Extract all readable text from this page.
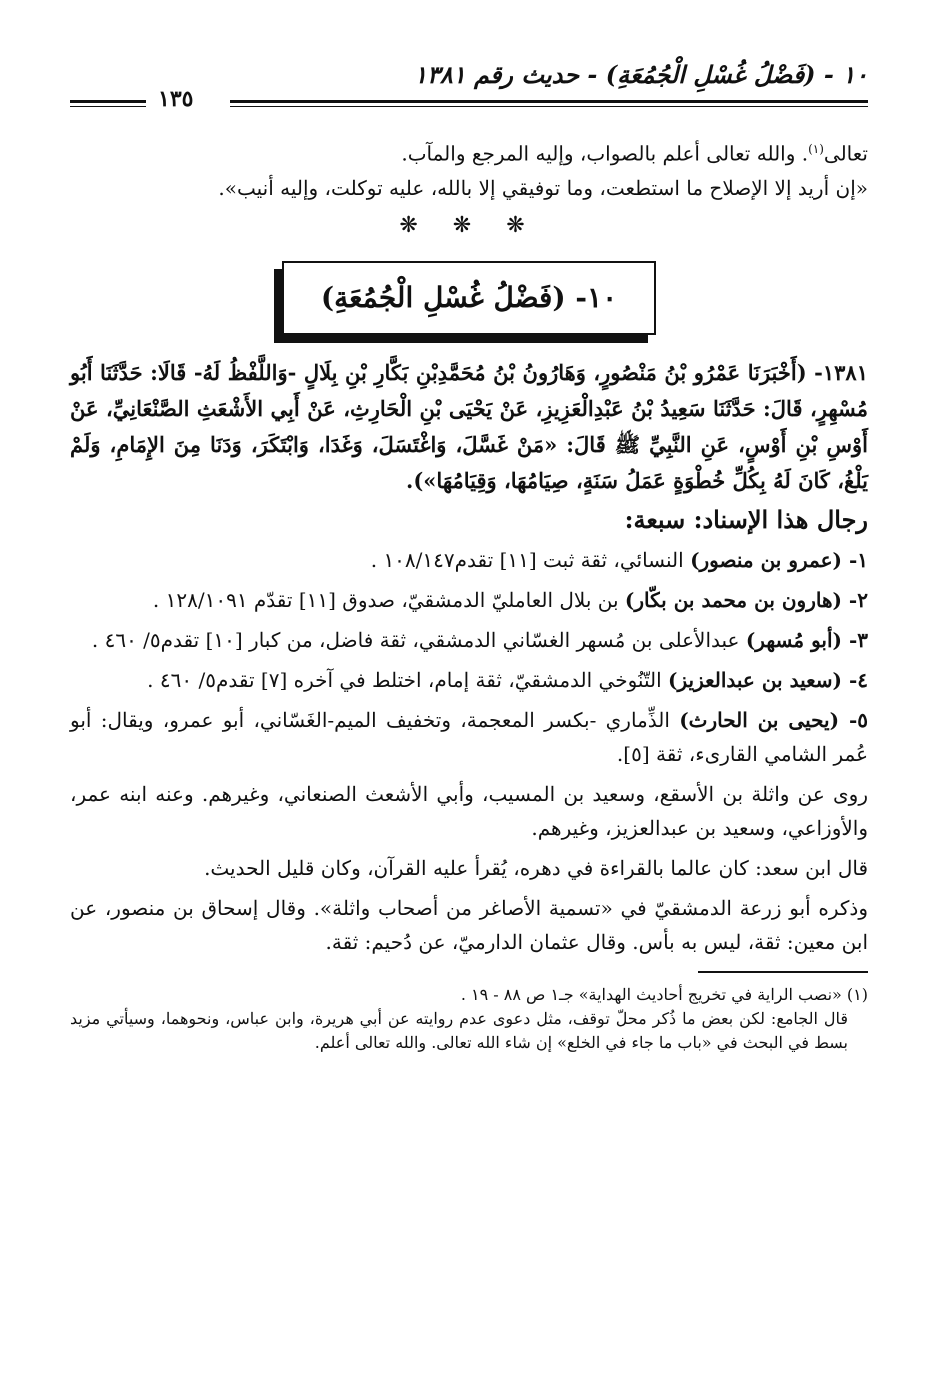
١٠ - (فَضْلُ غُسْلِ الْجُمُعَةِ) - حديث رقم ١٣٨١
١٣٥

تعالى$^{(١)}$. والله تعالى أعلم بالصواب، وإليه المرجع والمآب.

«إن أريد إلا الإصلاح ما استطعت، وما توفيقي إلا بالله، عليه توكلت، وإليه أنيب».

❋ ❋ ❋
١٠- (فَضْلُ غُسْلِ الْجُمُعَةِ)

١٣٨١- (أَخْبَرَنَا عَمْرُو بْنُ مَنْصُورٍ، وَهَارُونُ بْنُ مُحَمَّدِبْنِ بَكَّارِ بْنِ بِلَالٍ -وَاللَّفْظُ لَهُ- قَالَا: حَدَّثَنَا أَبُو مُسْهِرٍ، قَالَ: حَدَّثَنَا سَعِيدُ بْنُ عَبْدِالْعَزِيزِ، عَنْ يَحْيَى بْنِ الْحَارِثِ، عَنْ أَبِي الأَشْعَثِ الصَّنْعَانِيِّ، عَنْ أَوْسِ بْنِ أَوْسٍ، عَنِ النَّبِيِّ ﷺ قَالَ: «مَنْ غَسَّلَ، وَاغْتَسَلَ، وَغَدَا، وَابْتَكَرَ، وَدَنَا مِنَ الإِمَامِ، وَلَمْ يَلْغُ، كَانَ لَهُ بِكُلِّ خُطْوَةٍ عَمَلُ سَنَةٍ، صِيَامُهَا، وَقِيَامُهَا»).

رجال هذا الإسناد: سبعة:

١- (عمرو بن منصور) النسائي، ثقة ثبت [١١] تقدم١٠٨/١٤٧ .

٢- (هارون بن محمد بن بكّار) بن بلال العامليّ الدمشقيّ، صدوق [١١] تقدّم ١٢٨/١٠٩١ .

٣- (أبو مُسهر) عبدالأعلى بن مُسهر الغسّاني الدمشقي، ثقة فاضل، من كبار [١٠] تقدم٥/ ٤٦٠ .

٤- (سعيد بن عبدالعزيز) التّنُوخي الدمشقيّ، ثقة إمام، اختلط في آخره [٧] تقدم٥/ ٤٦٠ .

٥- (يحيى بن الحارث) الذِّماري -بكسر المعجمة، وتخفيف الميم-الغَسّاني، أبو عمرو، ويقال: أبو عُمر الشامي القارىء، ثقة [٥].

روى عن واثلة بن الأسقع، وسعيد بن المسيب، وأبي الأشعث الصنعاني، وغيرهم. وعنه ابنه عمر، والأوزاعي، وسعيد بن عبدالعزيز، وغيرهم.

قال ابن سعد: كان عالما بالقراءة في دهره، يُقرأ عليه القرآن، وكان قليل الحديث.

وذكره أبو زرعة الدمشقيّ في «تسمية الأصاغر من أصحاب واثلة». وقال إسحاق بن منصور، عن ابن معين: ثقة، ليس به بأس. وقال عثمان الدارميّ، عن دُحيم: ثقة.

(١) «نصب الراية في تخريج أحاديث الهداية» جـ١ ص ٨٨ - ١٩ .

قال الجامع: لكن بعض ما ذُكر محلّ توقف، مثل دعوى عدم روايته عن أبي هريرة، وابن عباس، ونحوهما، وسيأتي مزيد بسط في البحث في «باب ما جاء في الخلع» إن شاء الله تعالى. والله تعالى أعلم.
